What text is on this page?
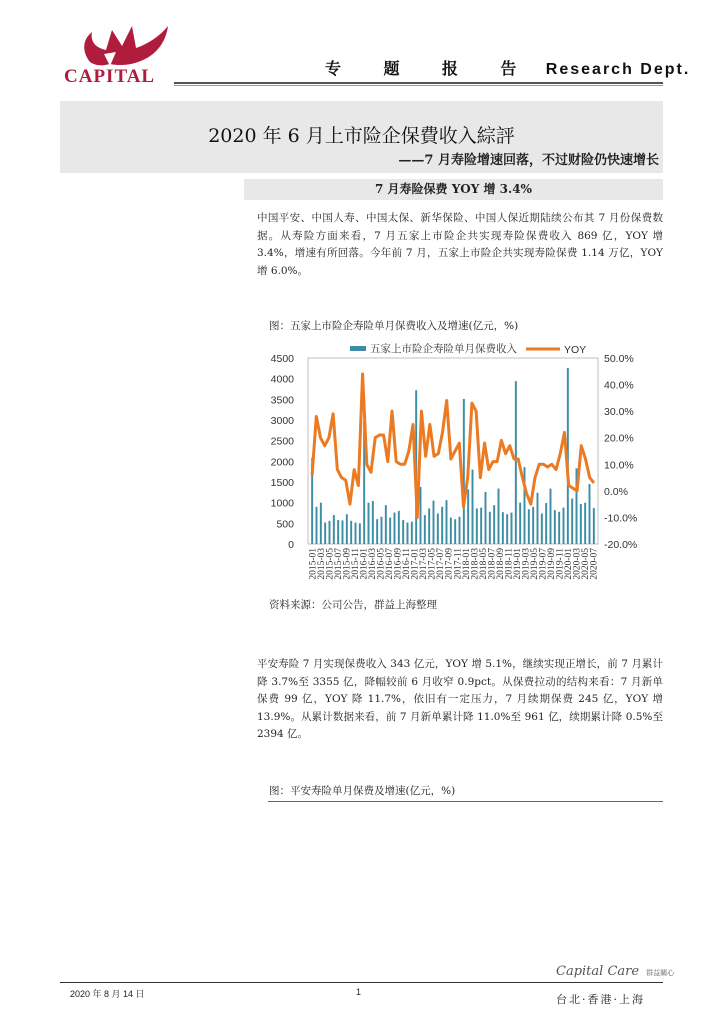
CAPITAL	专 题 报 告 Research Dept.
2020 年 6 月上市险企保費收入綜評
——7 月寿险增速回落，不过财险仍快速增长
7 月寿险保费 YOY 增 3.4%
中国平安、中国人寿、中国太保、新华保险、中国人保近期陆续公布其 7 月份保费数据。从寿险方面来看，7 月五家上市险企共实现寿险保费收入 869 亿，YOY 增 3.4%，增速有所回落。今年前 7 月，五家上市险企共实现寿险保费 1.14 万亿，YOY 增 6.0%。
图：五家上市险企寿险单月保费收入及增速(亿元，%)
0
500
1000
1500
2000
2500
3000
3500
4000
4500
-20.0%
-10.0%
0.0%
10.0%
20.0%
30.0%
40.0%
50.0%
2015-01
2015-03
2015-05
2015-07
2015-09
2015-11
2016-01
2016-03
2016-05
2016-07
2016-09
2016-11
2017-01
2017-03
2017-05
2017-07
2017-09
2017-11
2018-01
2018-03
2018-05
2018-07
2018-09
2018-11
2019-01
2019-03
2019-05
2019-07
2019-09
2019-11
2020-01
2020-03
2020-05
2020-07
五家上市险企寿险单月保费收入	YOY
资料来源：公司公告，群益上海整理
平安寿险 7 月实现保费收入 343 亿元，YOY 增 5.1%，继续实现正增长，前 7 月累计降 3.7%至 3355 亿，降幅较前 6 月收窄 0.9pct。从保费拉动的结构来看：7 月新单保费 99 亿，YOY 降 11.7%，依旧有一定压力，7 月续期保费 245 亿，YOY 增 13.9%。从累计数据来看，前 7 月新单累计降 11.0%至 961 亿，续期累计降 0.5%至 2394 亿。
图：平安寿险单月保费及增速(亿元，%)
Capital Care 群益關心
2020 年 8 月 14 日	1
台北·香港·上海
